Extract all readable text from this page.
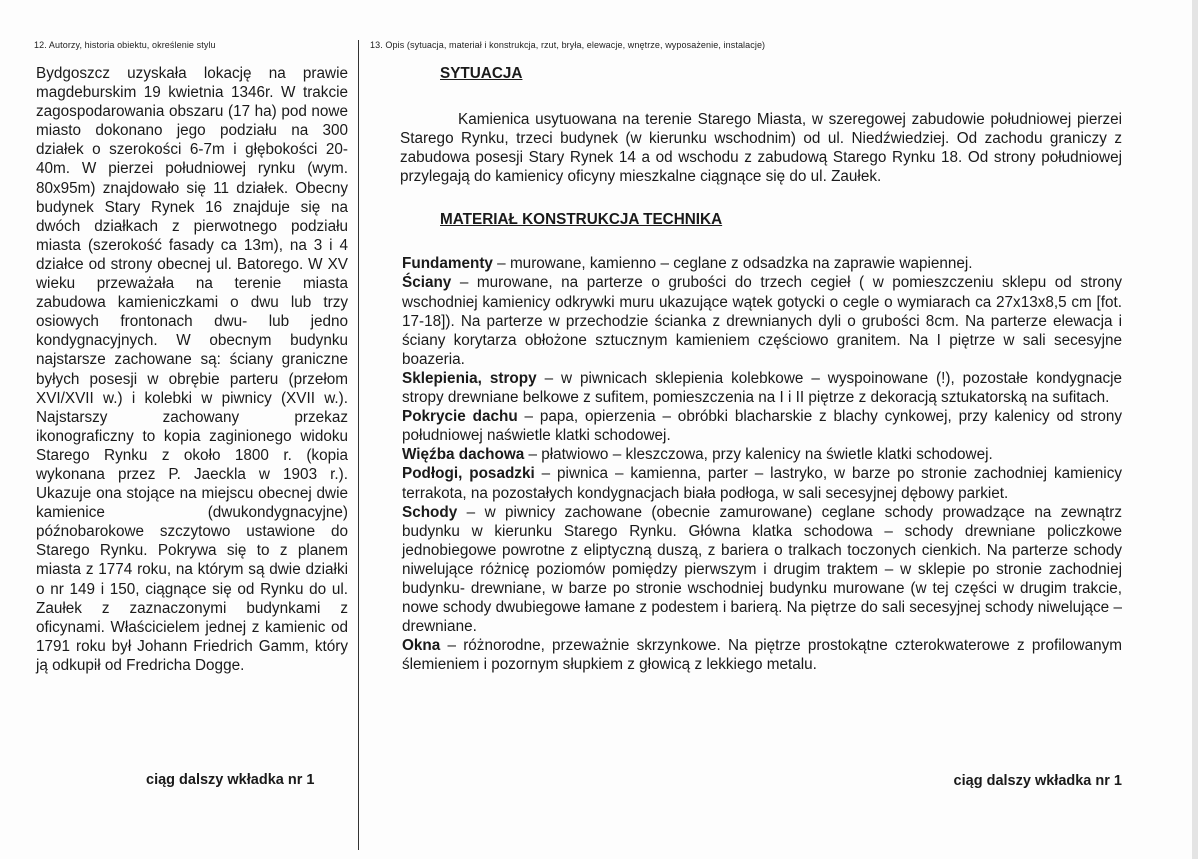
12. Autorzy, historia obiektu, określenie stylu

Bydgoszcz uzyskała lokację na prawie magdeburskim 19 kwietnia 1346r. W trakcie zagospodarowania obszaru (17 ha) pod nowe miasto dokonano jego podziału na 300 działek o szerokości 6-7m i głębokości 20-40m. W pierzei południowej rynku (wym. 80x95m) znajdowało się 11 działek. Obecny budynek Stary Rynek 16 znajduje się na dwóch działkach z pierwotnego podziału miasta (szerokość fasady ca 13m), na 3 i 4 działce od strony obecnej ul. Batorego. W XV wieku przeważała na terenie miasta zabudowa kamieniczkami o dwu lub trzy osiowych frontonach dwu- lub jedno kondygnacyjnych. W obecnym budynku najstarsze zachowane są: ściany graniczne byłych posesji w obrębie parteru (przełom XVI/XVII w.) i kolebki w piwnicy (XVII w.). Najstarszy zachowany przekaz ikonograficzny to kopia zaginionego widoku Starego Rynku z około 1800 r. (kopia wykonana przez P. Jaeckla w 1903 r.). Ukazuje ona stojące na miejscu obecnej dwie kamienice (dwukondygnacyjne) późnobarokowe szczytowo ustawione do Starego Rynku. Pokrywa się to z planem miasta z 1774 roku, na którym są dwie działki o nr 149 i 150, ciągnące się od Rynku do ul. Zaułek z zaznaczonymi budynkami z oficynami. Właścicielem jednej z kamienic od 1791 roku był Johann Friedrich Gamm, który ją odkupił od Fredricha Dogge.

ciąg dalszy wkładka nr 1
13. Opis (sytuacja, materiał i konstrukcja, rzut, bryła, elewacje, wnętrze, wyposażenie, instalacje)
SYTUACJA

Kamienica usytuowana na terenie Starego Miasta, w szeregowej zabudowie południowej pierzei Starego Rynku, trzeci budynek (w kierunku wschodnim) od ul. Niedźwiedziej. Od zachodu graniczy z zabudowa posesji Stary Rynek 14 a od wschodu z zabudową Starego Rynku 18. Od strony południowej przylegają do kamienicy oficyny mieszkalne ciągnące się do ul. Zaułek.

MATERIAŁ KONSTRUKCJA TECHNIKA

Fundamenty – murowane, kamienno – ceglane z odsadzka na zaprawie wapiennej.

Ściany – murowane, na parterze o grubości do trzech cegieł ( w pomieszczeniu sklepu od strony wschodniej kamienicy odkrywki muru ukazujące wątek gotycki o cegle o wymiarach ca 27x13x8,5 cm [fot. 17-18]). Na parterze w przechodzie ścianka z drewnianych dyli o grubości 8cm. Na parterze elewacja i ściany korytarza obłożone sztucznym kamieniem częściowo granitem. Na I piętrze w sali secesyjne boazeria.

Sklepienia, stropy – w piwnicach sklepienia kolebkowe – wyspoinowane (!), pozostałe kondygnacje stropy drewniane belkowe z sufitem, pomieszczenia na I i II piętrze z dekoracją sztukatorską na sufitach.

Pokrycie dachu – papa, opierzenia – obróbki blacharskie z blachy cynkowej, przy kalenicy od strony południowej naświetle klatki schodowej.

Więźba dachowa – płatwiowo – kleszczowa, przy kalenicy na świetle klatki schodowej.

Podłogi, posadzki – piwnica – kamienna, parter – lastryko, w barze po stronie zachodniej kamienicy terrakota, na pozostałych kondygnacjach biała podłoga, w sali secesyjnej dębowy parkiet.

Schody – w piwnicy zachowane (obecnie zamurowane) ceglane schody prowadzące na zewnątrz budynku w kierunku Starego Rynku. Główna klatka schodowa – schody drewniane policzkowe jednobiegowe powrotne z eliptyczną duszą, z bariera o tralkach toczonych cienkich. Na parterze schody niwelujące różnicę poziomów pomiędzy pierwszym i drugim traktem – w sklepie po stronie zachodniej budynku- drewniane, w barze po stronie wschodniej budynku murowane (w tej części w drugim trakcie, nowe schody dwubiegowe łamane z podestem i barierą. Na piętrze do sali secesyjnej schody niwelujące – drewniane.

Okna – różnorodne, przeważnie skrzynkowe. Na piętrze prostokątne czterokwaterowe z profilowanym ślemieniem i pozornym słupkiem z głowicą z lekkiego metalu.

ciąg dalszy wkładka nr 1
